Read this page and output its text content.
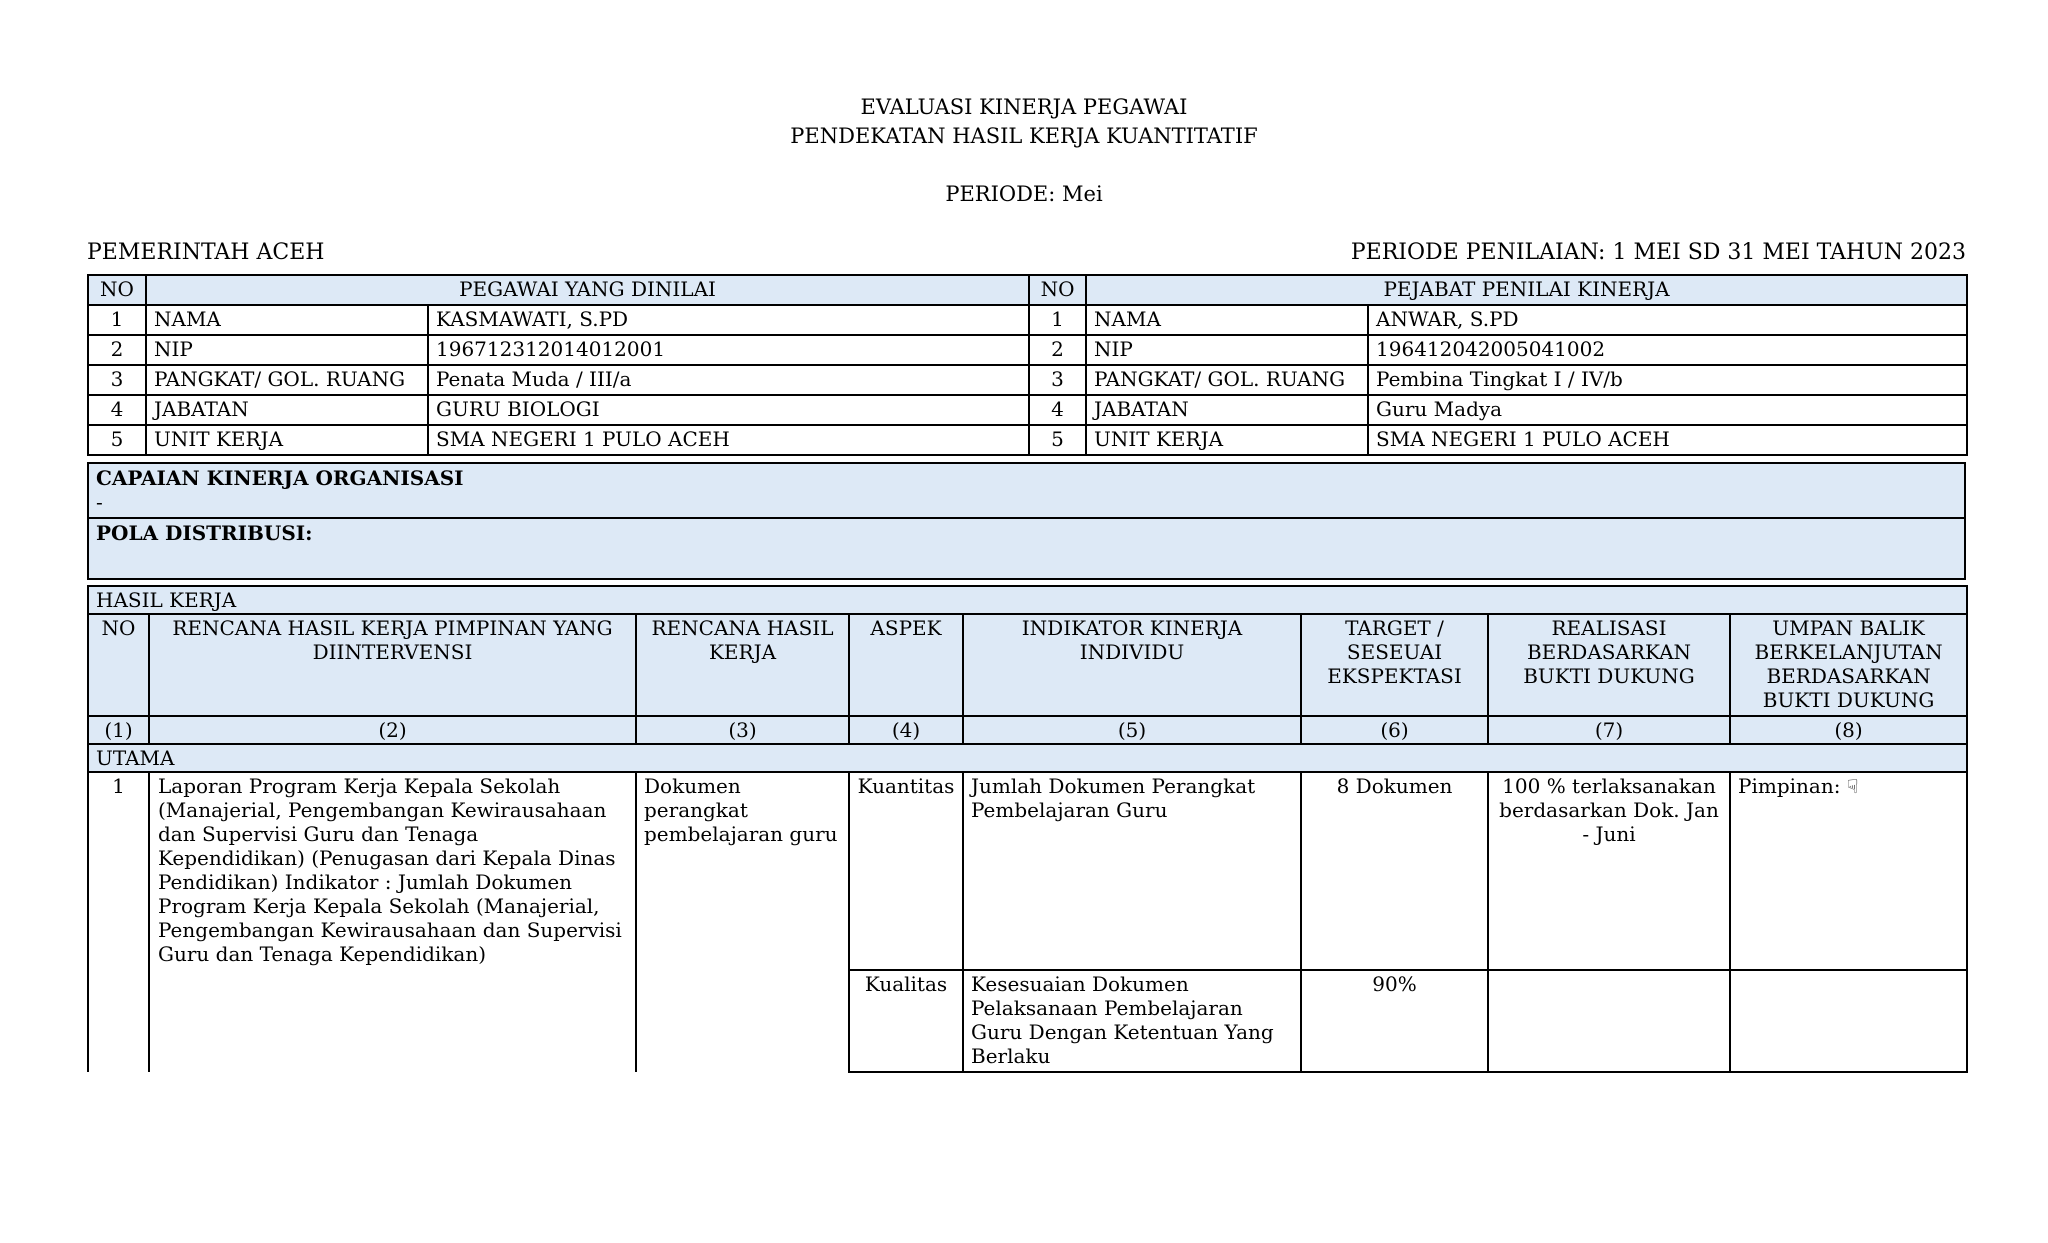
EVALUASI KINERJA PEGAWAI
PENDEKATAN HASIL KERJA KUANTITATIF
PERIODE: Mei
PEMERINTAH ACEH	PERIODE PENILAIAN: 1 MEI SD 31 MEI TAHUN 2023
NO	PEGAWAI YANG DINILAI		NO	PEJABAT PENILAI KINERJA	
1	NAMA	KASMAWATI, S.PD	1	NAMA	ANWAR, S.PD
2	NIP	196712312014012001	2	NIP	196412042005041002
3	PANGKAT/ GOL. RUANG	Penata Muda / III/a	3	PANGKAT/ GOL. RUANG	Pembina Tingkat I / IV/b
4	JABATAN	GURU BIOLOGI	4	JABATAN	Guru Madya
5	UNIT KERJA	SMA NEGERI 1 PULO ACEH	5	UNIT KERJA	SMA NEGERI 1 PULO ACEH
CAPAIAN KINERJA ORGANISASI
-

POLA DISTRIBUSI:
HASIL KERJA							
NO	RENCANA HASIL KERJA PIMPINAN YANG DIINTERVENSI	RENCANA HASIL KERJA	ASPEK	INDIKATOR KINERJA INDIVIDU	TARGET / SESEUAI EKSPEKTASI	REALISASI BERDASARKAN BUKTI DUKUNG	UMPAN BALIK BERKELANJUTAN BERDASARKAN BUKTI DUKUNG
(1)	(2)	(3)	(4)	(5)	(6)	(7)	(8)
UTAMA							
1	Laporan Program Kerja Kepala Sekolah (Manajerial, Pengembangan Kewirausahaan dan Supervisi Guru dan Tenaga Kependidikan) (Penugasan dari Kepala Dinas Pendidikan) Indikator : Jumlah Dokumen Program Kerja Kepala Sekolah (Manajerial, Pengembangan Kewirausahaan dan Supervisi Guru dan Tenaga Kependidikan)	Dokumen perangkat pembelajaran guru	Kuantitas	Jumlah Dokumen Perangkat Pembelajaran Guru	8 Dokumen	100 % terlaksanakan berdasarkan Dok. Jan - Juni	Pimpinan: ☟
			Kualitas	Kesesuaian Dokumen Pelaksanaan Pembelajaran Guru Dengan Ketentuan Yang Berlaku	90%		
